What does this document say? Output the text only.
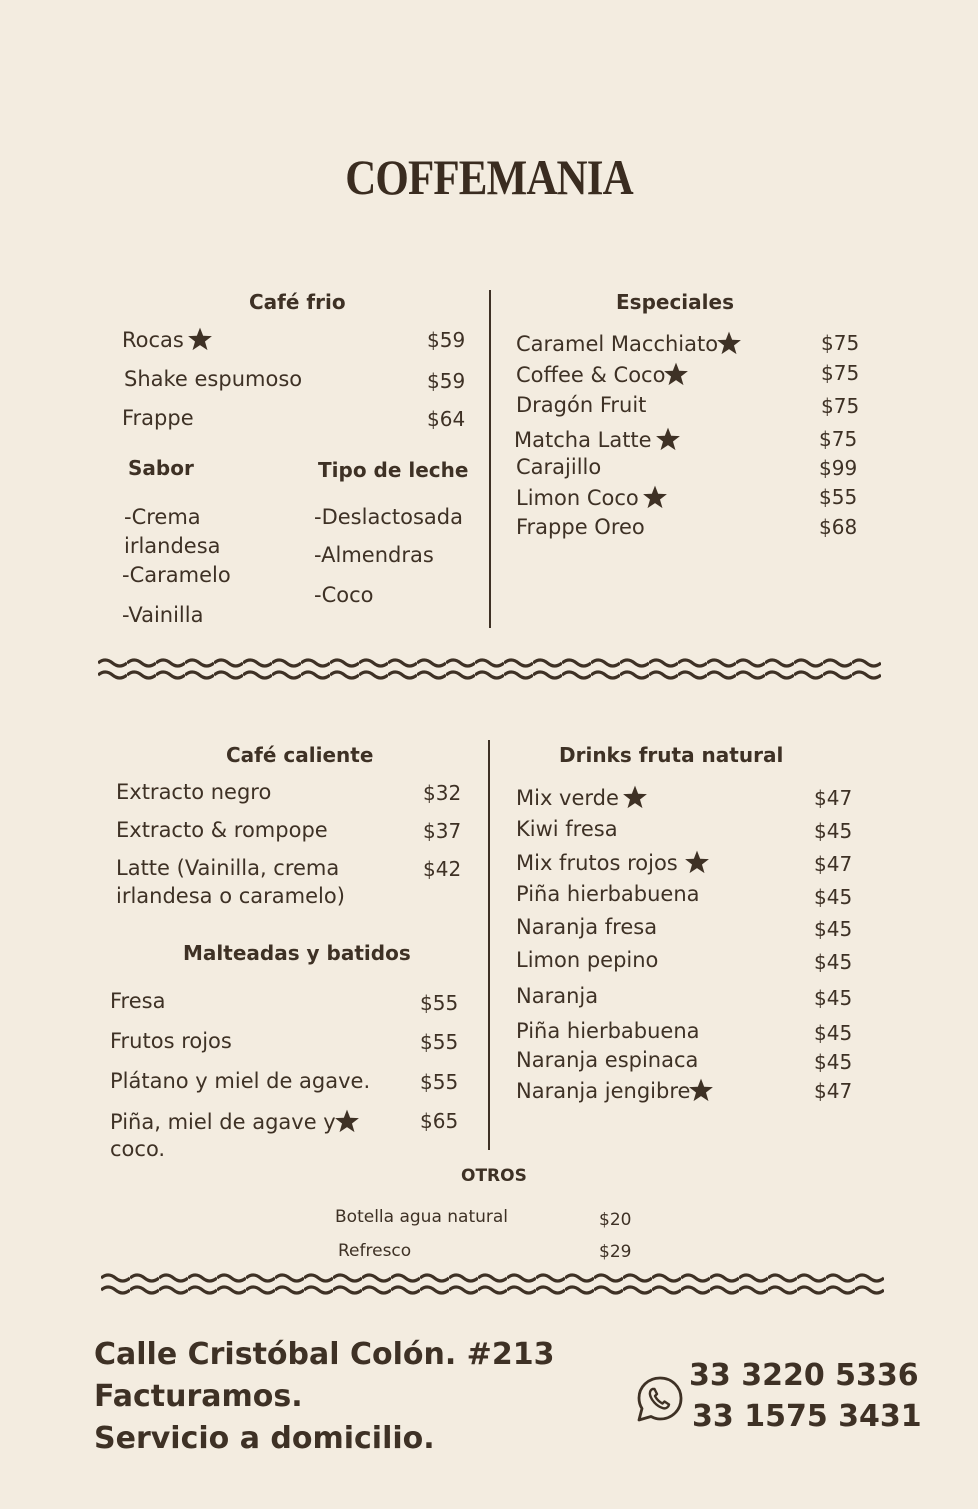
COFFEMANIA
Café frio
Rocas	$59
Shake espumoso	$59
Frappe	$64
Sabor	Tipo de leche
-Crema
irlandesa
-Caramelo
-Vainilla
-Deslactosada
-Almendras
-Coco
Especiales
Caramel Macchiato	$75
Coffee & Coco	$75
Dragón Fruit	$75
Matcha Latte	$75
Carajillo	$99
Limon Coco	$55
Frappe Oreo	$68
Café caliente
Extracto negro	$32
Extracto & rompope	$37
Latte (Vainilla, crema
irlandesa o caramelo)
$42
Malteadas y batidos
Fresa	$55
Frutos rojos	$55
Plátano y miel de agave. $55
Piña, miel de agave y
coco.
$65
Drinks fruta natural
Mix verde	$47
Kiwi fresa	$45
Mix frutos rojos	$47
Piña hierbabuena	$45
Naranja fresa	$45
Limon pepino	$45
Naranja	$45
Piña hierbabuena	$45
Naranja espinaca	$45
Naranja jengibre	$47
OTROS
Botella agua natural	$20
Refresco	$29
Calle Cristóbal Colón. #213
Facturamos.
Servicio a domicilio.
33 3220 5336
33 1575 3431
